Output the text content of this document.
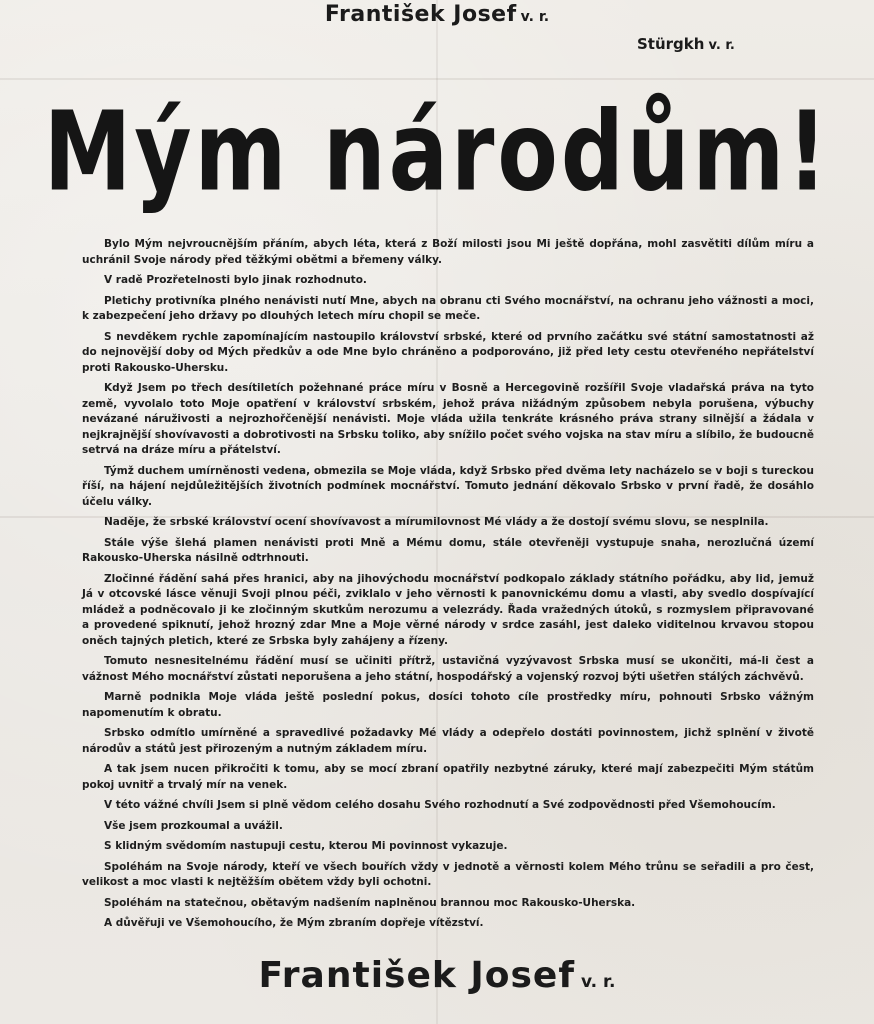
František Josef v. r.
Stürgkh v. r.
Mým národům!

Bylo Mým nejvroucnějším přáním, abych léta, která z Boží milosti jsou Mi ještě dopřána, mohl zasvětiti dílům míru a uchránil Svoje národy před těžkými obětmi a břemeny války.

V radě Prozřetelnosti bylo jinak rozhodnuto.

Pletichy protivníka plného nenávisti nutí Mne, abych na obranu cti Svého mocnářství, na ochranu jeho vážnosti a moci, k zabezpečení jeho državy po dlouhých letech míru chopil se meče.

S nevděkem rychle zapomínajícím nastoupilo království srbské, které od prvního začátku své státní samostatnosti až do nejnovější doby od Mých předkův a ode Mne bylo chráněno a podporováno, již před lety cestu otevřeného nepřátelství proti Rakousko-Uhersku.

Když Jsem po třech desítiletích požehnané práce míru v Bosně a Hercegovině rozšířil Svoje vladařská práva na tyto země, vyvolalo toto Moje opatření v království srbském, jehož práva nižádným způsobem nebyla porušena, výbuchy nevázané náruživosti a nejrozhořčenější nenávisti. Moje vláda užila tenkráte krásného práva strany silnější a žádala v nejkrajnější shovívavosti a dobrotivosti na Srbsku toliko, aby snížilo počet svého vojska na stav míru a slíbilo, že budoucně setrvá na dráze míru a přátelství.

Týmž duchem umírněnosti vedena, obmezila se Moje vláda, když Srbsko před dvěma lety nacházelo se v boji s tureckou říší, na hájení nejdůležitějších životních podmínek mocnářství. Tomuto jednání děkovalo Srbsko v první řadě, že dosáhlo účelu války.

Naděje, že srbské království ocení shovívavost a mírumilovnost Mé vlády a že dostojí svému slovu, se nesplnila.

Stále výše šlehá plamen nenávisti proti Mně a Mému domu, stále otevřeněji vystupuje snaha, nerozlučná území Rakousko-Uherska násilně odtrhnouti.

Zločinné řádění sahá přes hranici, aby na jihovýchodu mocnářství podkopalo základy státního pořádku, aby lid, jemuž Já v otcovské lásce věnuji Svoji plnou péči, zviklalo v jeho věrnosti k panovnickému domu a vlasti, aby svedlo dospívající mládež a podněcovalo ji ke zločinným skutkům nerozumu a velezrády. Řada vražedných útoků, s rozmyslem připravované a provedené spiknutí, jehož hrozný zdar Mne a Moje věrné národy v srdce zasáhl, jest daleko viditelnou krvavou stopou oněch tajných pletich, které ze Srbska byly zahájeny a řízeny.

Tomuto nesnesitelnému řádění musí se učiniti přítrž, ustavičná vyzývavost Srbska musí se ukončiti, má-li čest a vážnost Mého mocnářství zůstati neporušena a jeho státní, hospodářský a vojenský rozvoj býti ušetřen stálých záchvěvů.

Marně podnikla Moje vláda ještě poslední pokus, dosíci tohoto cíle prostředky míru, pohnouti Srbsko vážným napomenutím k obratu.

Srbsko odmítlo umírněné a spravedlivé požadavky Mé vlády a odepřelo dostáti povinnostem, jichž splnění v životě národův a států jest přirozeným a nutným základem míru.

A tak jsem nucen přikročiti k tomu, aby se mocí zbraní opatřily nezbytné záruky, které mají zabezpečiti Mým státům pokoj uvnitř a trvalý mír na venek.

V této vážné chvíli Jsem si plně vědom celého dosahu Svého rozhodnutí a Své zodpovědnosti před Všemohoucím.

Vše jsem prozkoumal a uvážil.

S klidným svědomím nastupuji cestu, kterou Mi povinnost vykazuje.

Spoléhám na Svoje národy, kteří ve všech bouřích vždy v jednotě a věrnosti kolem Mého trůnu se seřadili a pro čest, velikost a moc vlasti k nejtěžším obětem vždy byli ochotni.

Spoléhám na statečnou, obětavým nadšením naplněnou brannou moc Rakousko-Uherska.

A důvěřuji ve Všemohoucího, že Mým zbraním dopřeje vítězství.

František Josef v. r.
